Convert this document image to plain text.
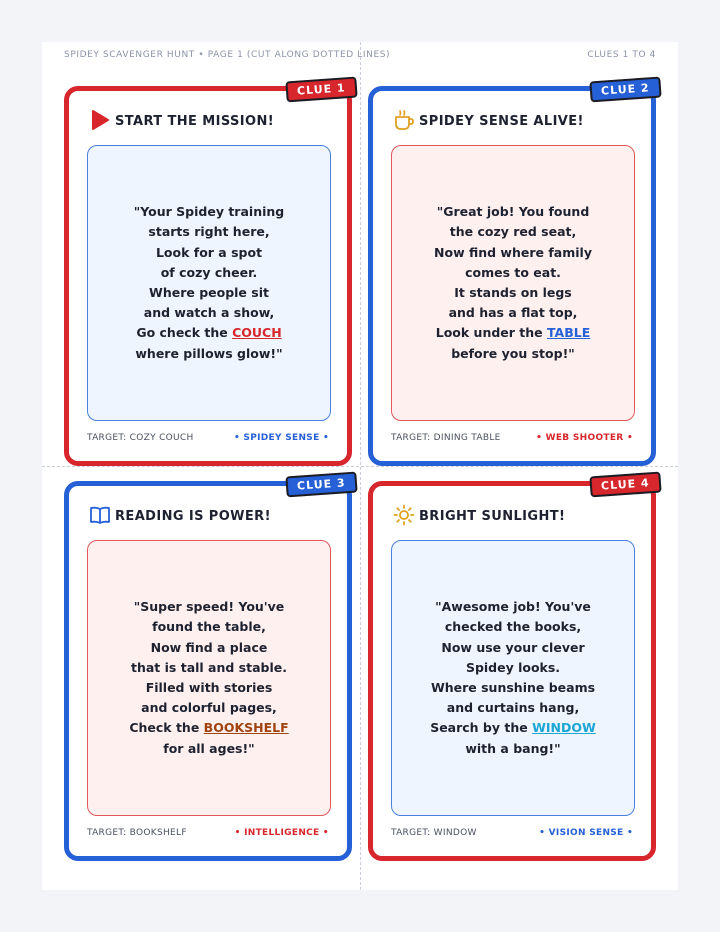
SPIDEY SCAVENGER HUNT • PAGE 1 (CUT ALONG DOTTED LINES)	CLUES 1 TO 4
CLUE 1
START THE MISSION!
"Your Spidey training
starts right here,
Look for a spot
of cozy cheer.
Where people sit
and watch a show,
Go check the COUCH
where pillows glow!"
TARGET: COZY COUCH	• SPIDEY SENSE •
CLUE 2
SPIDEY SENSE ALIVE!
"Great job! You found
the cozy red seat,
Now find where family
comes to eat.
It stands on legs
and has a flat top,
Look under the TABLE
before you stop!"
TARGET: DINING TABLE	• WEB SHOOTER •
CLUE 3
READING IS POWER!
"Super speed! You've
found the table,
Now find a place
that is tall and stable.
Filled with stories
and colorful pages,
Check the BOOKSHELF
for all ages!"
TARGET: BOOKSHELF	• INTELLIGENCE •
CLUE 4
BRIGHT SUNLIGHT!
"Awesome job! You've
checked the books,
Now use your clever
Spidey looks.
Where sunshine beams
and curtains hang,
Search by the WINDOW
with a bang!"
TARGET: WINDOW	• VISION SENSE •
